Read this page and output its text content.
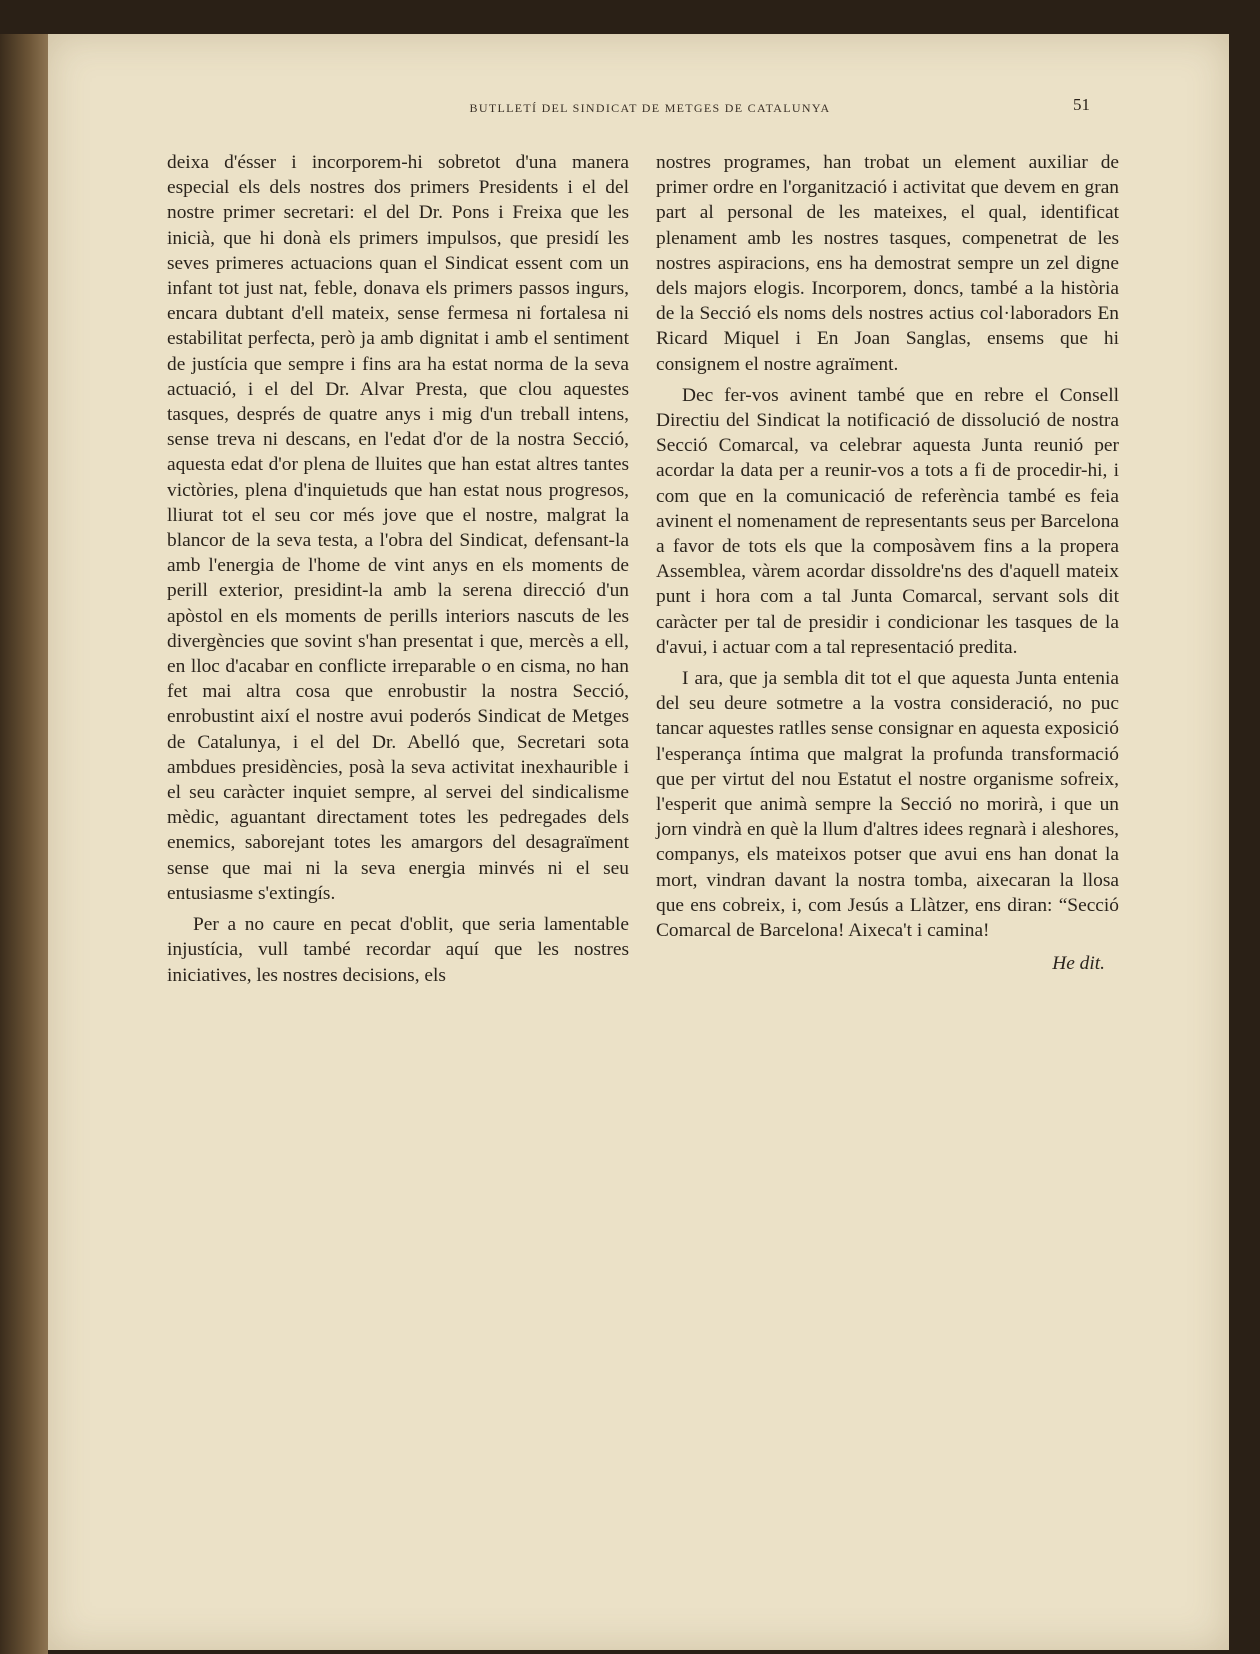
BUTLLETÍ DEL SINDICAT DE METGES DE CATALUNYA	51

deixa d'ésser i incorporem-hi sobretot d'una manera especial els dels nostres dos primers Presidents i el del nostre primer secretari: el del Dr. Pons i Freixa que les inicià, que hi donà els primers impulsos, que presidí les seves primeres actuacions quan el Sindicat essent com un infant tot just nat, feble, donava els primers passos ingurs, encara dubtant d'ell mateix, sense fermesa ni fortalesa ni estabilitat perfecta, però ja amb dignitat i amb el sentiment de justícia que sempre i fins ara ha estat norma de la seva actuació, i el del Dr. Alvar Presta, que clou aquestes tasques, després de quatre anys i mig d'un treball intens, sense treva ni descans, en l'edat d'or de la nostra Secció, aquesta edat d'or plena de lluites que han estat altres tantes victòries, plena d'inquietuds que han estat nous progresos, lliurat tot el seu cor més jove que el nostre, malgrat la blancor de la seva testa, a l'obra del Sindicat, defensant-la amb l'energia de l'home de vint anys en els moments de perill exterior, presidint-la amb la serena direcció d'un apòstol en els moments de perills interiors nascuts de les divergències que sovint s'han presentat i que, mercès a ell, en lloc d'acabar en conflicte irreparable o en cisma, no han fet mai altra cosa que enrobustir la nostra Secció, enrobustint així el nostre avui poderós Sindicat de Metges de Catalunya, i el del Dr. Abelló que, Secretari sota ambdues presidències, posà la seva activitat inexhaurible i el seu caràcter inquiet sempre, al servei del sindicalisme mèdic, aguantant directament totes les pedregades dels enemics, saborejant totes les amargors del desagraïment sense que mai ni la seva energia minvés ni el seu entusiasme s'extingís.

Per a no caure en pecat d'oblit, que seria lamentable injustícia, vull també recordar aquí que les nostres iniciatives, les nostres decisions, els

nostres programes, han trobat un element auxiliar de primer ordre en l'organització i activitat que devem en gran part al personal de les mateixes, el qual, identificat plenament amb les nostres tasques, compenetrat de les nostres aspiracions, ens ha demostrat sempre un zel digne dels majors elogis. Incorporem, doncs, també a la història de la Secció els noms dels nostres actius col·laboradors En Ricard Miquel i En Joan Sanglas, ensems que hi consignem el nostre agraïment.

Dec fer-vos avinent també que en rebre el Consell Directiu del Sindicat la notificació de dissolució de nostra Secció Comarcal, va celebrar aquesta Junta reunió per acordar la data per a reunir-vos a tots a fi de procedir-hi, i com que en la comunicació de referència també es feia avinent el nomenament de representants seus per Barcelona a favor de tots els que la composàvem fins a la propera Assemblea, vàrem acordar dissoldre'ns des d'aquell mateix punt i hora com a tal Junta Comarcal, servant sols dit caràcter per tal de presidir i condicionar les tasques de la d'avui, i actuar com a tal representació predita.

I ara, que ja sembla dit tot el que aquesta Junta entenia del seu deure sotmetre a la vostra consideració, no puc tancar aquestes ratlles sense consignar en aquesta exposició l'esperança íntima que malgrat la profunda transformació que per virtut del nou Estatut el nostre organisme sofreix, l'esperit que animà sempre la Secció no morirà, i que un jorn vindrà en què la llum d'altres idees regnarà i aleshores, companys, els mateixos potser que avui ens han donat la mort, vindran davant la nostra tomba, aixecaran la llosa que ens cobreix, i, com Jesús a Llàtzer, ens diran: “Secció Comarcal de Barcelona! Aixeca't i camina!

He dit.
